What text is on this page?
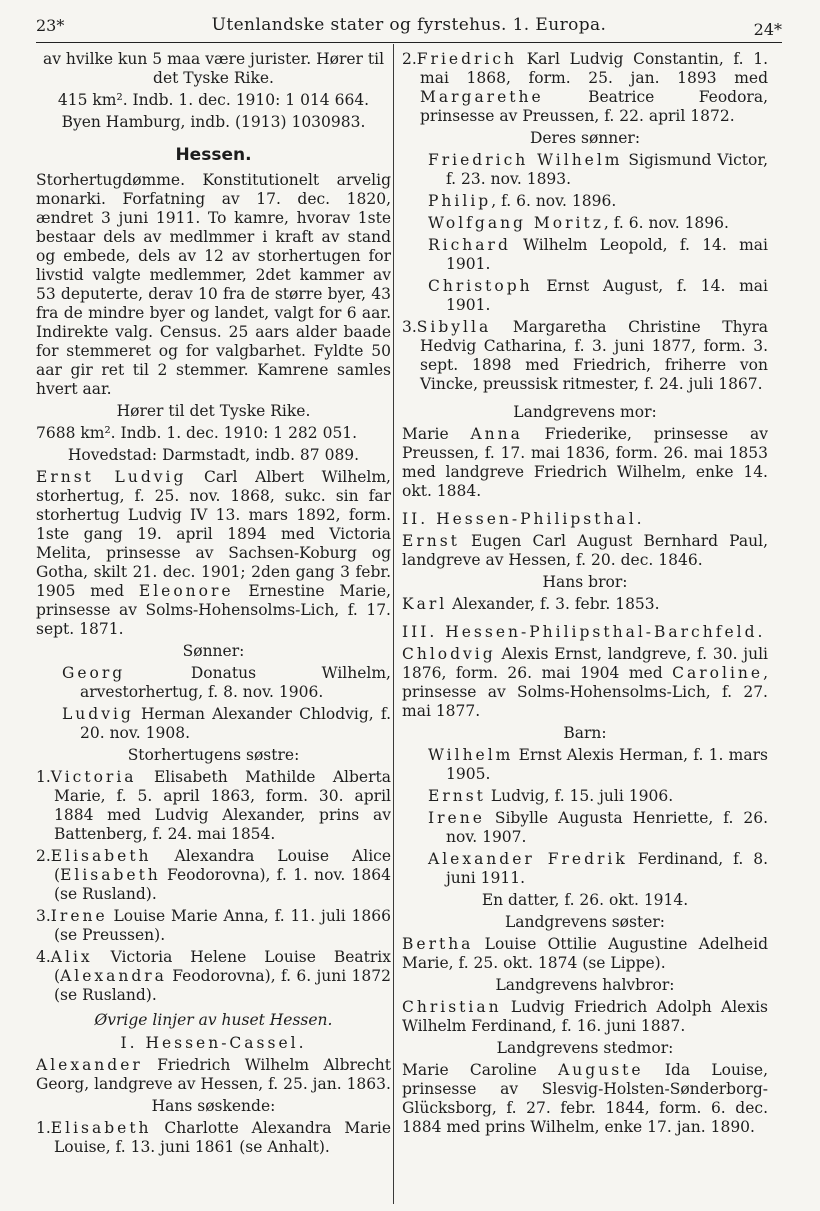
23*	Utenlandske stater og fyrstehus. 1. Europa.	24*

av hvilke kun 5 maa være jurister. Hører til det Tyske Rike.

415 km². Indb. 1. dec. 1910: 1 014 664.

Byen Hamburg, indb. (1913) 1030983.

Hessen.

Storhertugdømme. Konstitutionelt arvelig monarki. Forfatning av 17. dec. 1820, ændret 3 juni 1911. To kamre, hvorav 1ste bestaar dels av medlmmer i kraft av stand og embede, dels av 12 av storhertugen for livstid valgte medlemmer, 2det kammer av 53 deputerte, derav 10 fra de større byer, 43 fra de mindre byer og landet, valgt for 6 aar. Indirekte valg. Census. 25 aars alder baade for stemmeret og for valgbarhet. Fyldte 50 aar gir ret til 2 stemmer. Kamrene samles hvert aar.

Hører til det Tyske Rike.

7688 km². Indb. 1. dec. 1910: 1 282 051.

Hovedstad: Darmstadt, indb. 87 089.

Ernst Ludvig Carl Albert Wilhelm, storhertug, f. 25. nov. 1868, sukc. sin far storhertug Ludvig IV 13. mars 1892, form. 1ste gang 19. april 1894 med Victoria Melita, prinsesse av Sachsen-Koburg og Gotha, skilt 21. dec. 1901; 2den gang 3 febr. 1905 med Eleonore Ernestine Marie, prinsesse av Solms-Hohensolms-Lich, f. 17. sept. 1871.

Sønner:

Georg Donatus Wilhelm, arvestorhertug, f. 8. nov. 1906.

Ludvig Herman Alexander Chlodvig, f. 20. nov. 1908.

Storhertugens søstre:

1.Victoria Elisabeth Mathilde Alberta Marie, f. 5. april 1863, form. 30. april 1884 med Ludvig Alexander, prins av Battenberg, f. 24. mai 1854.

2.Elisabeth Alexandra Louise Alice (Elisabeth Feodorovna), f. 1. nov. 1864 (se Rusland).

3.Irene Louise Marie Anna, f. 11. juli 1866 (se Preussen).

4.Alix Victoria Helene Louise Beatrix (Alexandra Feodorovna), f. 6. juni 1872 (se Rusland).

Øvrige linjer av huset Hessen.

I. Hessen-Cassel.

Alexander Friedrich Wilhelm Albrecht Georg, landgreve av Hessen, f. 25. jan. 1863.

Hans søskende:

1.Elisabeth Charlotte Alexandra Marie Louise, f. 13. juni 1861 (se Anhalt).

2.Friedrich Karl Ludvig Constantin, f. 1. mai 1868, form. 25. jan. 1893 med Margarethe Beatrice Feodora, prinsesse av Preussen, f. 22. april 1872.

Deres sønner:

Friedrich Wilhelm Sigismund Victor, f. 23. nov. 1893.

Philip, f. 6. nov. 1896.

Wolfgang Moritz, f. 6. nov. 1896.

Richard Wilhelm Leopold, f. 14. mai 1901.

Christoph Ernst August, f. 14. mai 1901.

3.Sibylla Margaretha Christine Thyra Hedvig Catharina, f. 3. juni 1877, form. 3. sept. 1898 med Friedrich, friherre von Vincke, preussisk ritmester, f. 24. juli 1867.

Landgrevens mor:

Marie Anna Friederike, prinsesse av Preussen, f. 17. mai 1836, form. 26. mai 1853 med landgreve Friedrich Wilhelm, enke 14. okt. 1884.

II. Hessen-Philipsthal.

Ernst Eugen Carl August Bernhard Paul, landgreve av Hessen, f. 20. dec. 1846.

Hans bror:

Karl Alexander, f. 3. febr. 1853.

III. Hessen-Philipsthal-Barchfeld.

Chlodvig Alexis Ernst, landgreve, f. 30. juli 1876, form. 26. mai 1904 med Caroline, prinsesse av Solms-Hohensolms-Lich, f. 27. mai 1877.

Barn:

Wilhelm Ernst Alexis Herman, f. 1. mars 1905.

Ernst Ludvig, f. 15. juli 1906.

Irene Sibylle Augusta Henriette, f. 26. nov. 1907.

Alexander Fredrik Ferdinand, f. 8. juni 1911.

En datter, f. 26. okt. 1914.

Landgrevens søster:

Bertha Louise Ottilie Augustine Adelheid Marie, f. 25. okt. 1874 (se Lippe).

Landgrevens halvbror:

Christian Ludvig Friedrich Adolph Alexis Wilhelm Ferdinand, f. 16. juni 1887.

Landgrevens stedmor:

Marie Caroline Auguste Ida Louise, prinsesse av Slesvig-Holsten-Sønderborg-Glücksborg, f. 27. febr. 1844, form. 6. dec. 1884 med prins Wilhelm, enke 17. jan. 1890.
